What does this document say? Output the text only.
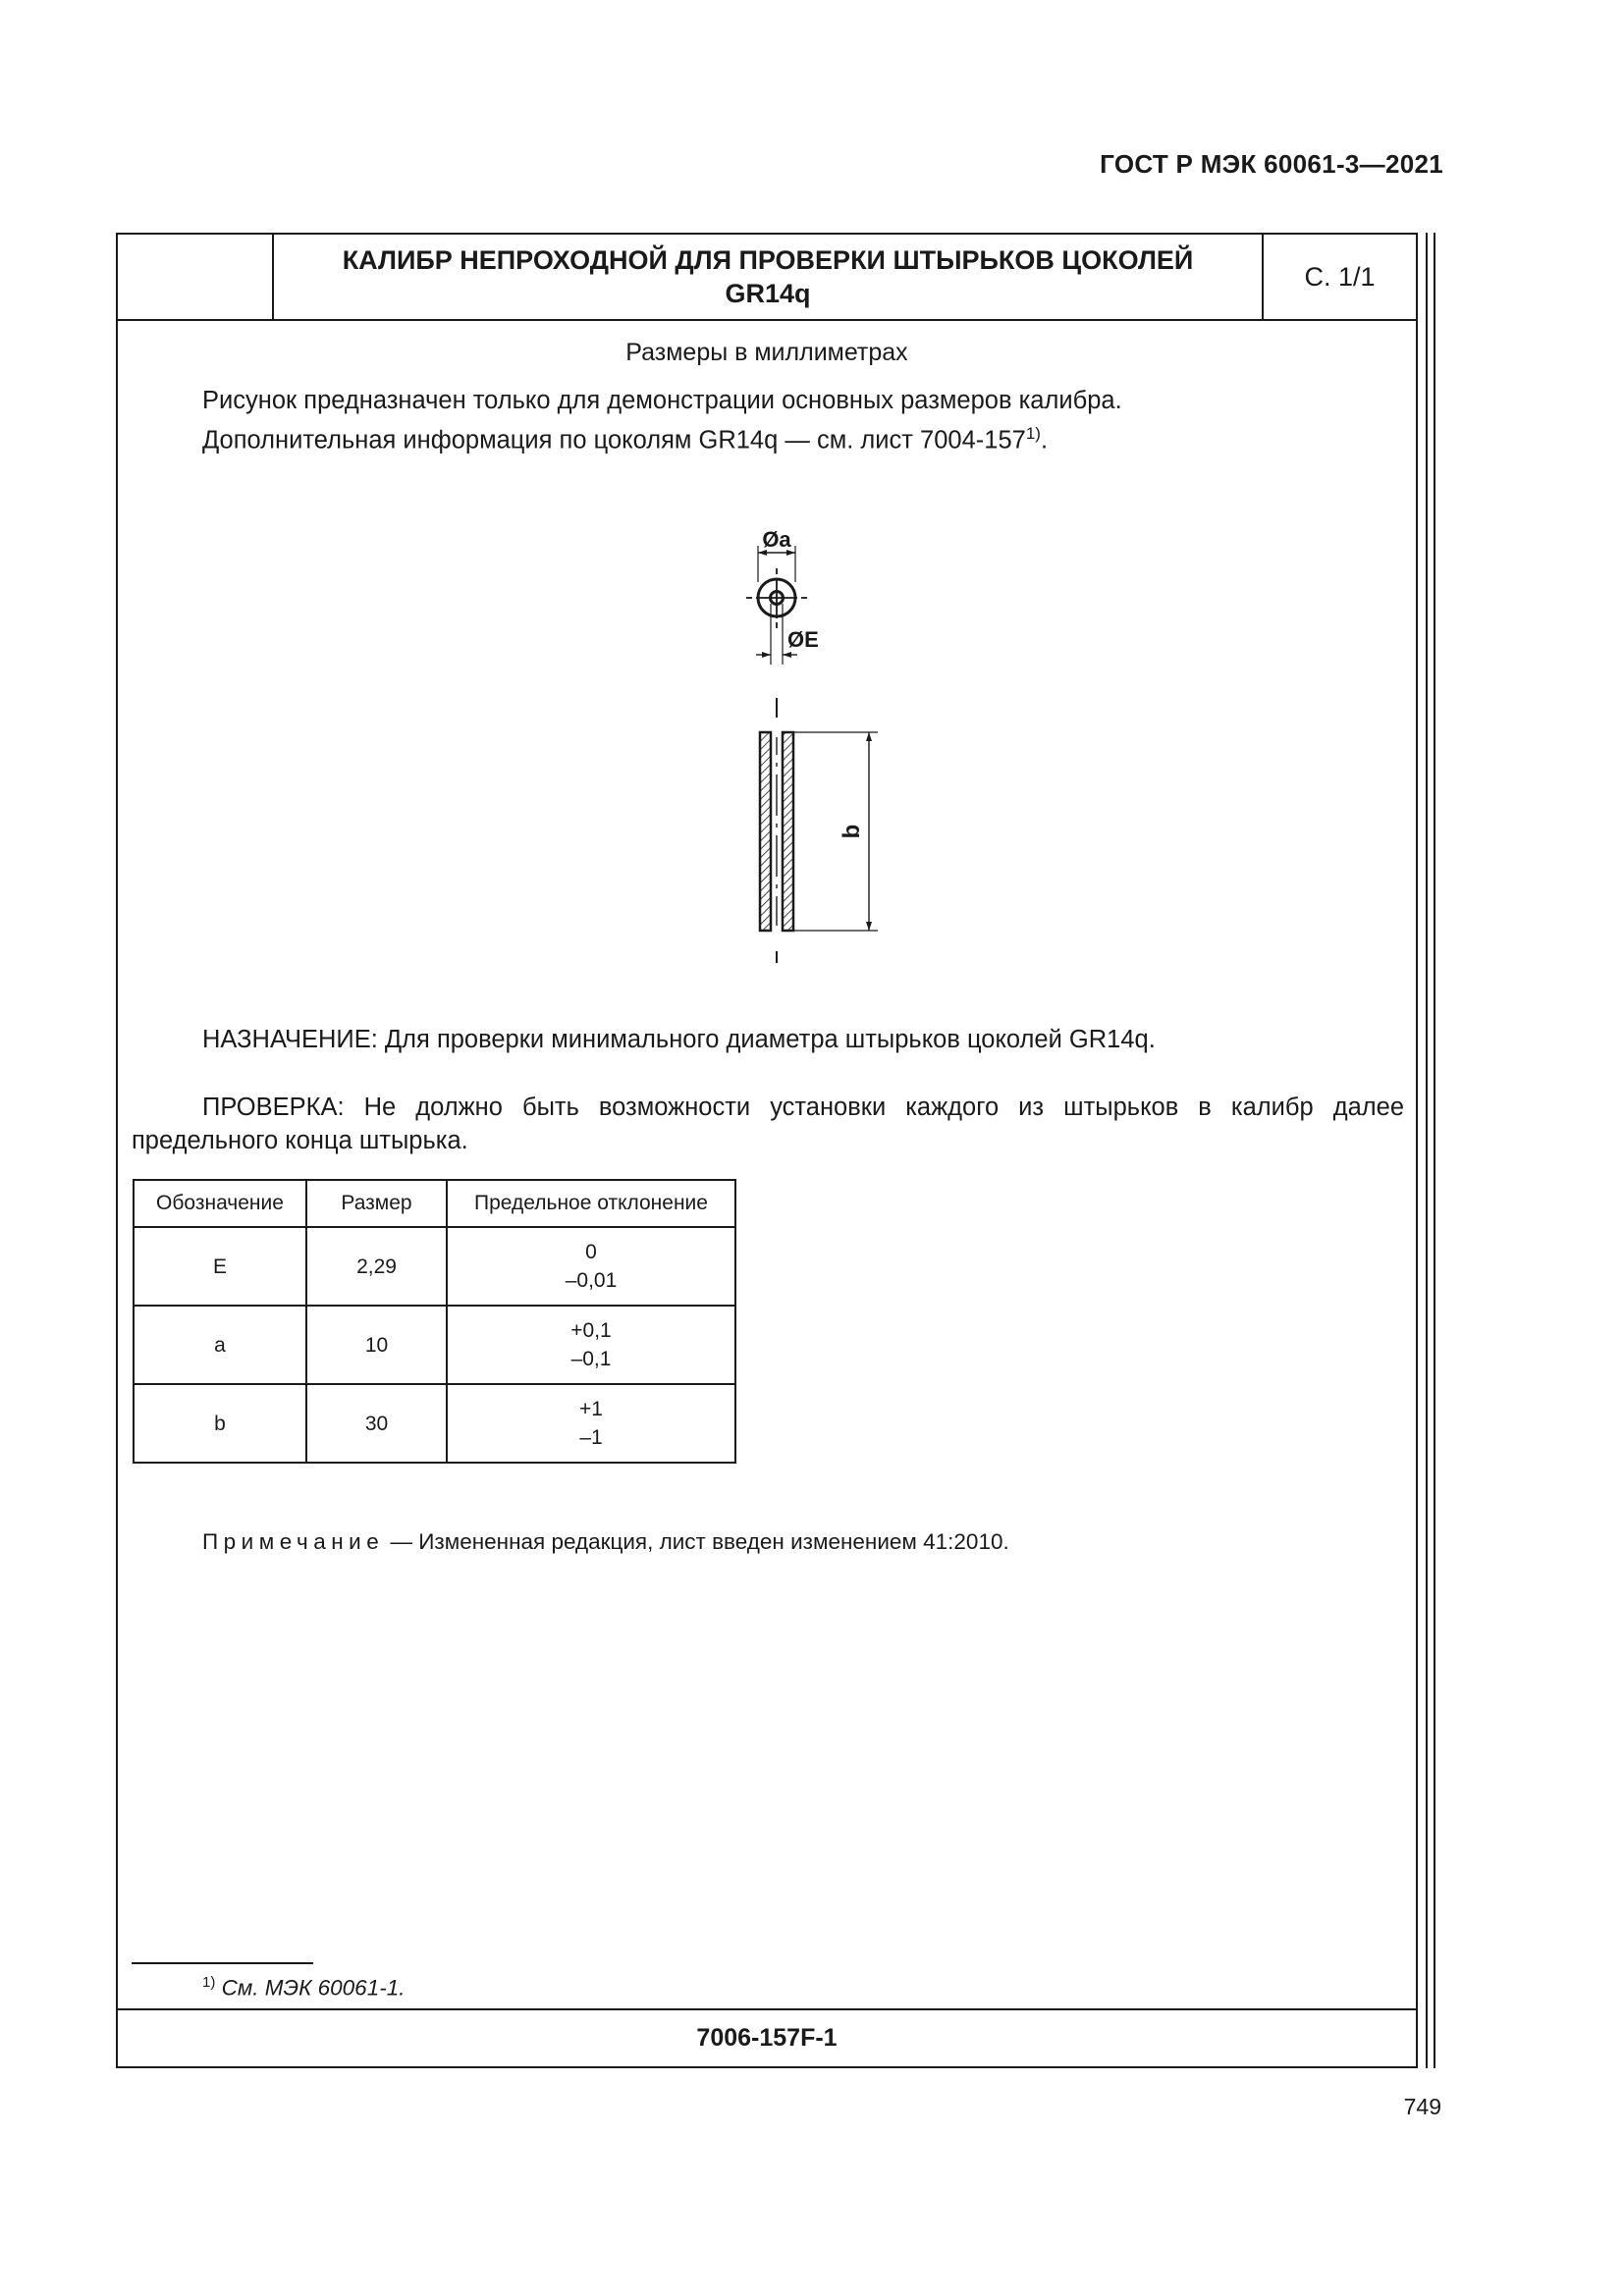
ГОСТ Р МЭК 60061-3—2021
КАЛИБР НЕПРОХОДНОЙ ДЛЯ ПРОВЕРКИ ШТЫРЬКОВ ЦОКОЛЕЙ
GR14q
С. 1/1
Размеры в миллиметрах
Рисунок предназначен только для демонстрации основных размеров калибра.
Дополнительная информация по цоколям GR14q — см. лист 7004-157$^{1)}$.
Øa
ØE
b
НАЗНАЧЕНИЕ: Для проверки минимального диаметра штырьков цоколей GR14q.
ПРОВЕРКА: Не должно быть возможности установки каждого из штырьков в калибр далее предельного конца штырька.
Обозначение	Размер	Предельное отклонение
E	2,29	0
–0,01

a	10	+0,1
–0,1

b	30	+1
–1
Примечание — Измененная редакция, лист введен изменением 41:2010.
$^{1)}$ См. МЭК 60061-1.
7006-157F-1
749
